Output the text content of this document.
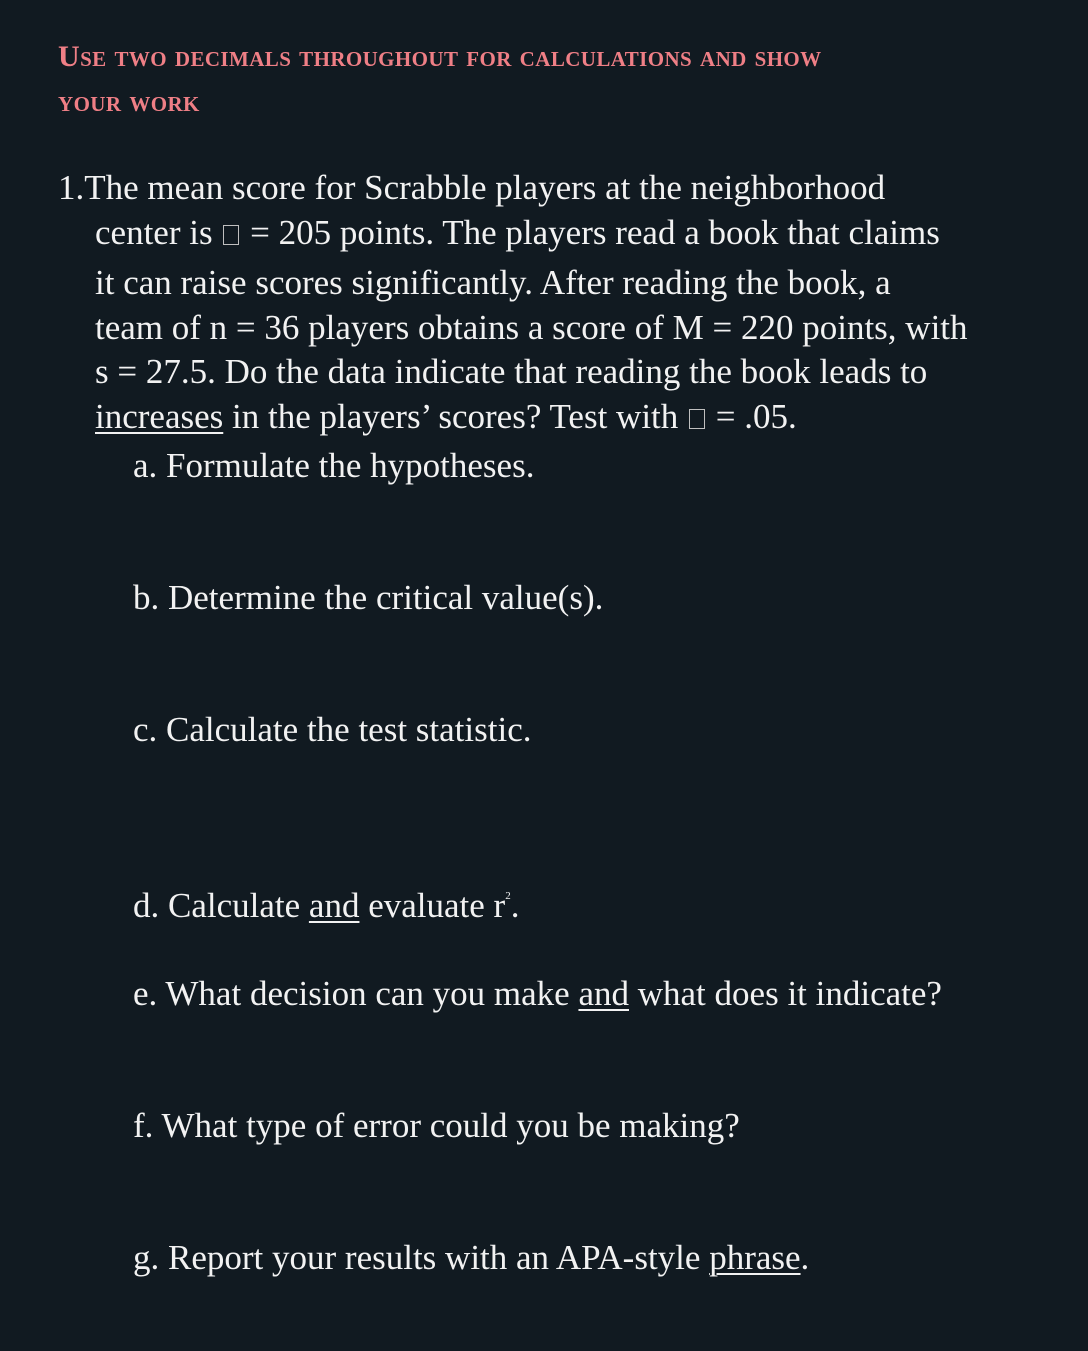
Use two decimals throughout for calculations and show
your work
1.The mean score for Scrabble players at the neighborhood
center is  = 205 points. The players read a book that claims
it can raise scores significantly. After reading the book, a
team of n = 36 players obtains a score of M = 220 points, with
s = 27.5. Do the data indicate that reading the book leads to
increases in the players’ scores? Test with  = .05.
a. Formulate the hypotheses.
b. Determine the critical value(s).
c. Calculate the test statistic.
d. Calculate and evaluate $r^2$.
e. What decision can you make and what does it indicate?
f. What type of error could you be making?
g. Report your results with an APA-style phrase.
